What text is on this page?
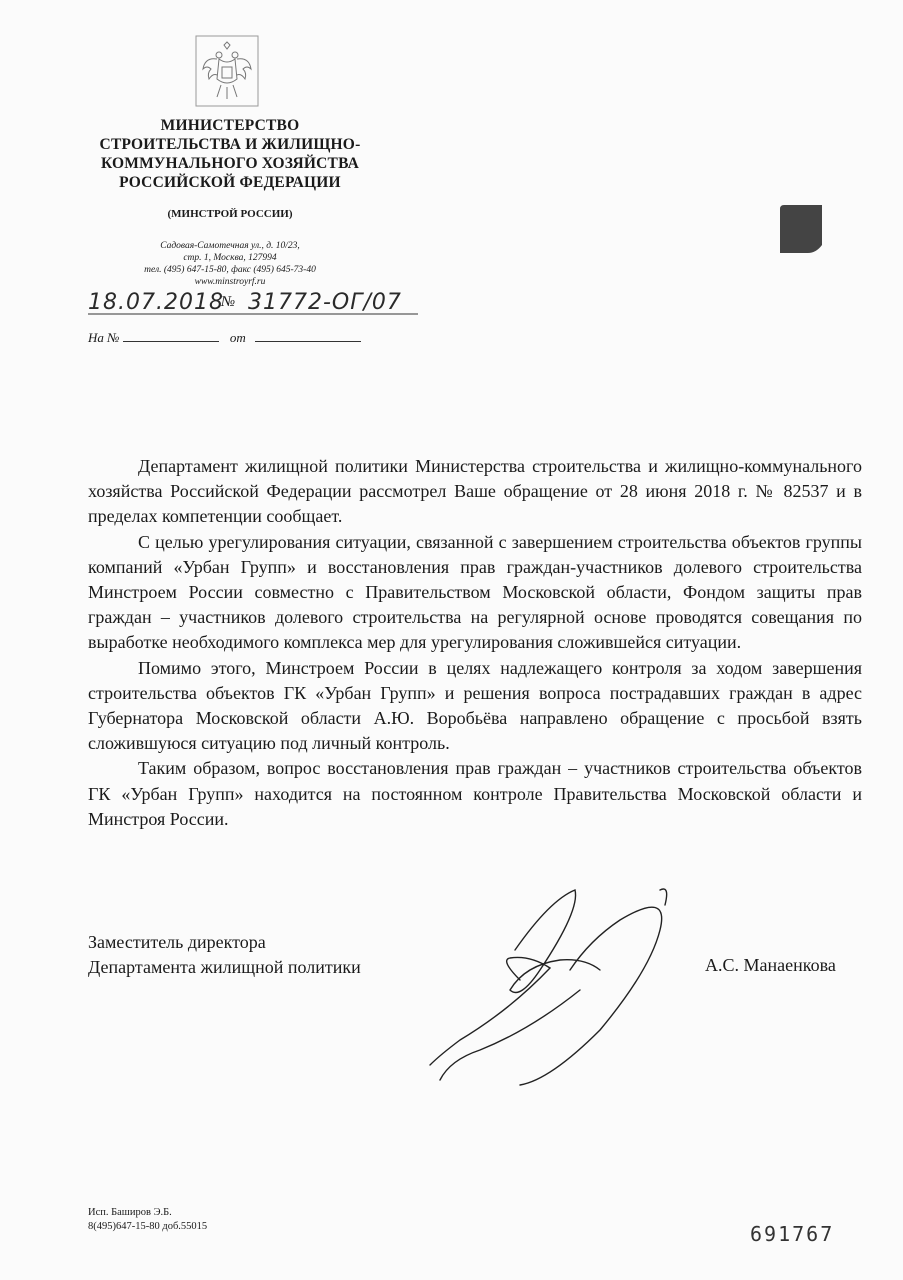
МИНИСТЕРСТВО
СТРОИТЕЛЬСТВА И ЖИЛИЩНО-
КОММУНАЛЬНОГО ХОЗЯЙСТВА
РОССИЙСКОЙ ФЕДЕРАЦИИ
(МИНСТРОЙ РОССИИ)
Садовая-Самотечная ул., д. 10/23,
стр. 1, Москва, 127994
тел. (495) 647-15-80, факс (495) 645-73-40
www.minstroyrf.ru
18.07.2018
№ 31772-ОГ/07
На №	от

Департамент жилищной политики Министерства строительства и жилищно-коммунального хозяйства Российской Федерации рассмотрел Ваше обращение от 28 июня 2018 г. № 82537 и в пределах компетенции сообщает.

С целью урегулирования ситуации, связанной с завершением строительства объектов группы компаний «Урбан Групп» и восстановления прав граждан-участников долевого строительства Минстроем России совместно с Правительством Московской области, Фондом защиты прав граждан – участников долевого строительства на регулярной основе проводятся совещания по выработке необходимого комплекса мер для урегулирования сложившейся ситуации.

Помимо этого, Минстроем России в целях надлежащего контроля за ходом завершения строительства объектов ГК «Урбан Групп» и решения вопроса пострадавших граждан в адрес Губернатора Московской области А.Ю. Воробьёва направлено обращение с просьбой взять сложившуюся ситуацию под личный контроль.

Таким образом, вопрос восстановления прав граждан – участников строительства объектов ГК «Урбан Групп» находится на постоянном контроле Правительства Московской области и Минстроя России.

Заместитель директора
Департамента жилищной политики	А.С. Манаенкова
Исп. Баширов Э.Б.
8(495)647-15-80 доб.55015	691767
